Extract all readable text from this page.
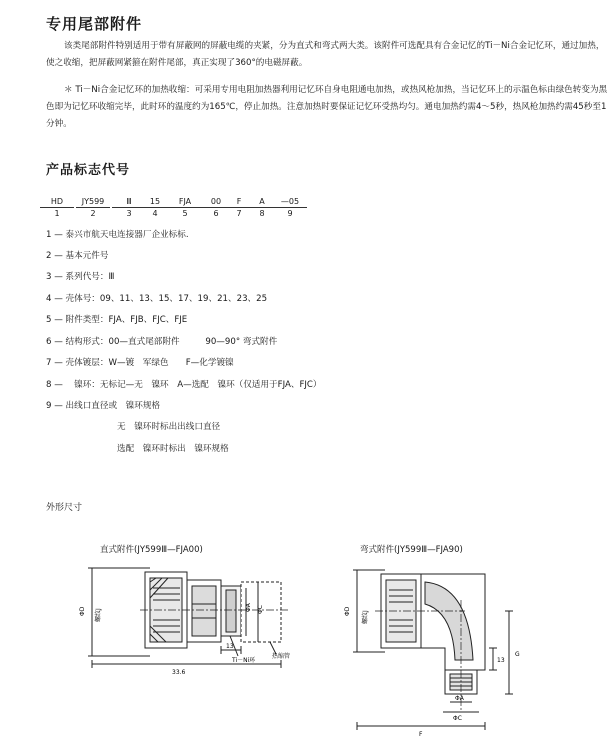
专用尾部附件
该类尾部附件特别适用于带有屏蔽网的屏蔽电缆的夹紧，分为直式和弯式两大类。该附件可选配具有合金记忆的Ti－Ni合金记忆环，通过加热，使之收缩，把屏蔽网紧箍在附件尾部，真正实现了360°的电磁屏蔽。
＊ Ti－Ni合金记忆环的加热收缩：可采用专用电阻加热器利用记忆环自身电阻通电加热，或热风枪加热，当记忆环上的示温色标由绿色转变为黑色即为记忆环收缩完毕，此时环的温度约为165℃，停止加热。注意加热时要保证记忆环受热均匀。通电加热约需4～5秒，热风枪加热约需45秒至1分钟。
产品标志代号
HD
1
JY599
2
Ⅲ
3
15
4
FJA
5
00
6
F
7
A
8
—05
9
1 — 泰兴市航天电连接器厂企业标标.
2 — 基本元件号
3 — 系列代号：Ⅲ
4 — 壳体号：09、11、13、15、17、19、21、23、25
5 — 附件类型：FJA、FJB、FJC、FJE
6 — 结构形式：00—直式尾部附件　　　90—90° 弯式附件
7 — 壳体镀层：W—镀　军绿色　　F—化学镀镍
8 —　 镍环：无标记—无　镍环　A—选配　镍环（仅适用于FJA、FJC）
9 — 出线口直径或　镍环规格
无　镍环时标出出线口直径
选配　镍环时标出　镍环规格
外形尺寸
直式附件(JY599Ⅲ—FJA00)	弯式附件(JY599Ⅲ—FJA90)
ΦD 螺纹J
ΦA ΦC
13
33.6
Ti－Ni环
热缩管
ΦD 螺纹J
13
G
ΦA
ΦC
F
